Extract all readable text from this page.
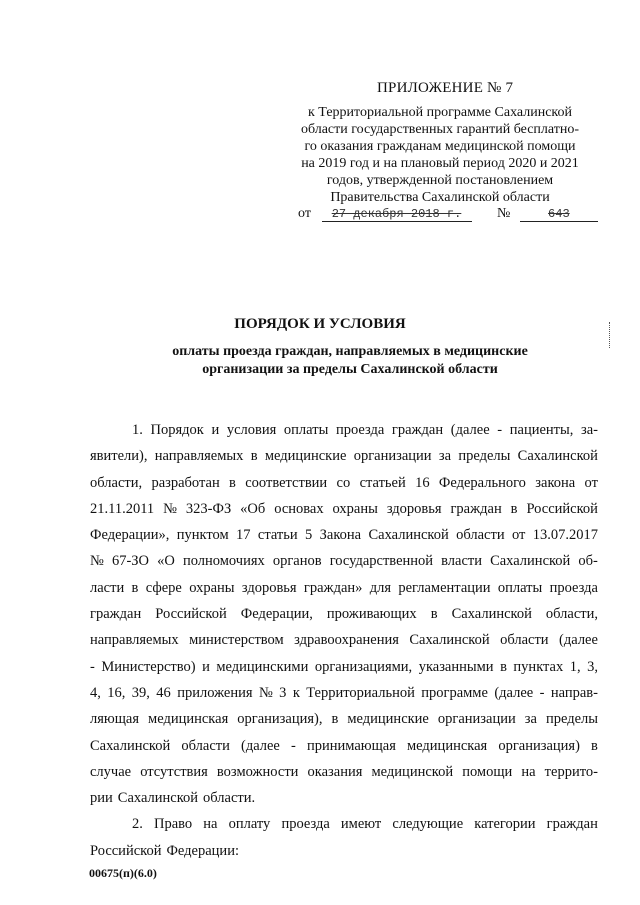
ПРИЛОЖЕНИЕ № 7
к Территориальной программе Сахалинской
области государственных гарантий бесплатно-
го оказания гражданам медицинской помощи
на 2019 год и на плановый период 2020 и 2021
годов, утвержденной постановлением
Правительства Сахалинской области
от 27 декабря 2018 г.	№	643
ПОРЯДОК И УСЛОВИЯ
оплаты проезда граждан, направляемых в медицинские
организации за пределы Сахалинской области
1. Порядок и условия оплаты проезда граждан (далее - пациенты, за-
явители), направляемых в медицинские организации за пределы Сахалинской
области, разработан в соответствии со статьей 16 Федерального закона от
21.11.2011 № 323-ФЗ «Об основах охраны здоровья граждан в Российской
Федерации», пунктом 17 статьи 5 Закона Сахалинской области от 13.07.2017
№ 67-ЗО «О полномочиях органов государственной власти Сахалинской об-
ласти в сфере охраны здоровья граждан» для регламентации оплаты проезда
граждан Российской Федерации, проживающих в Сахалинской области,
направляемых министерством здравоохранения Сахалинской области (далее
- Министерство) и медицинскими организациями, указанными в пунктах 1, 3,
4, 16, 39, 46 приложения № 3 к Территориальной программе (далее - направ-
ляющая медицинская организация), в медицинские организации за пределы
Сахалинской области (далее - принимающая медицинская организация) в
случае отсутствия возможности оказания медицинской помощи на террито-
рии Сахалинской области.
2. Право на оплату проезда имеют следующие категории граждан
Российской Федерации:
00675(п)(6.0)
